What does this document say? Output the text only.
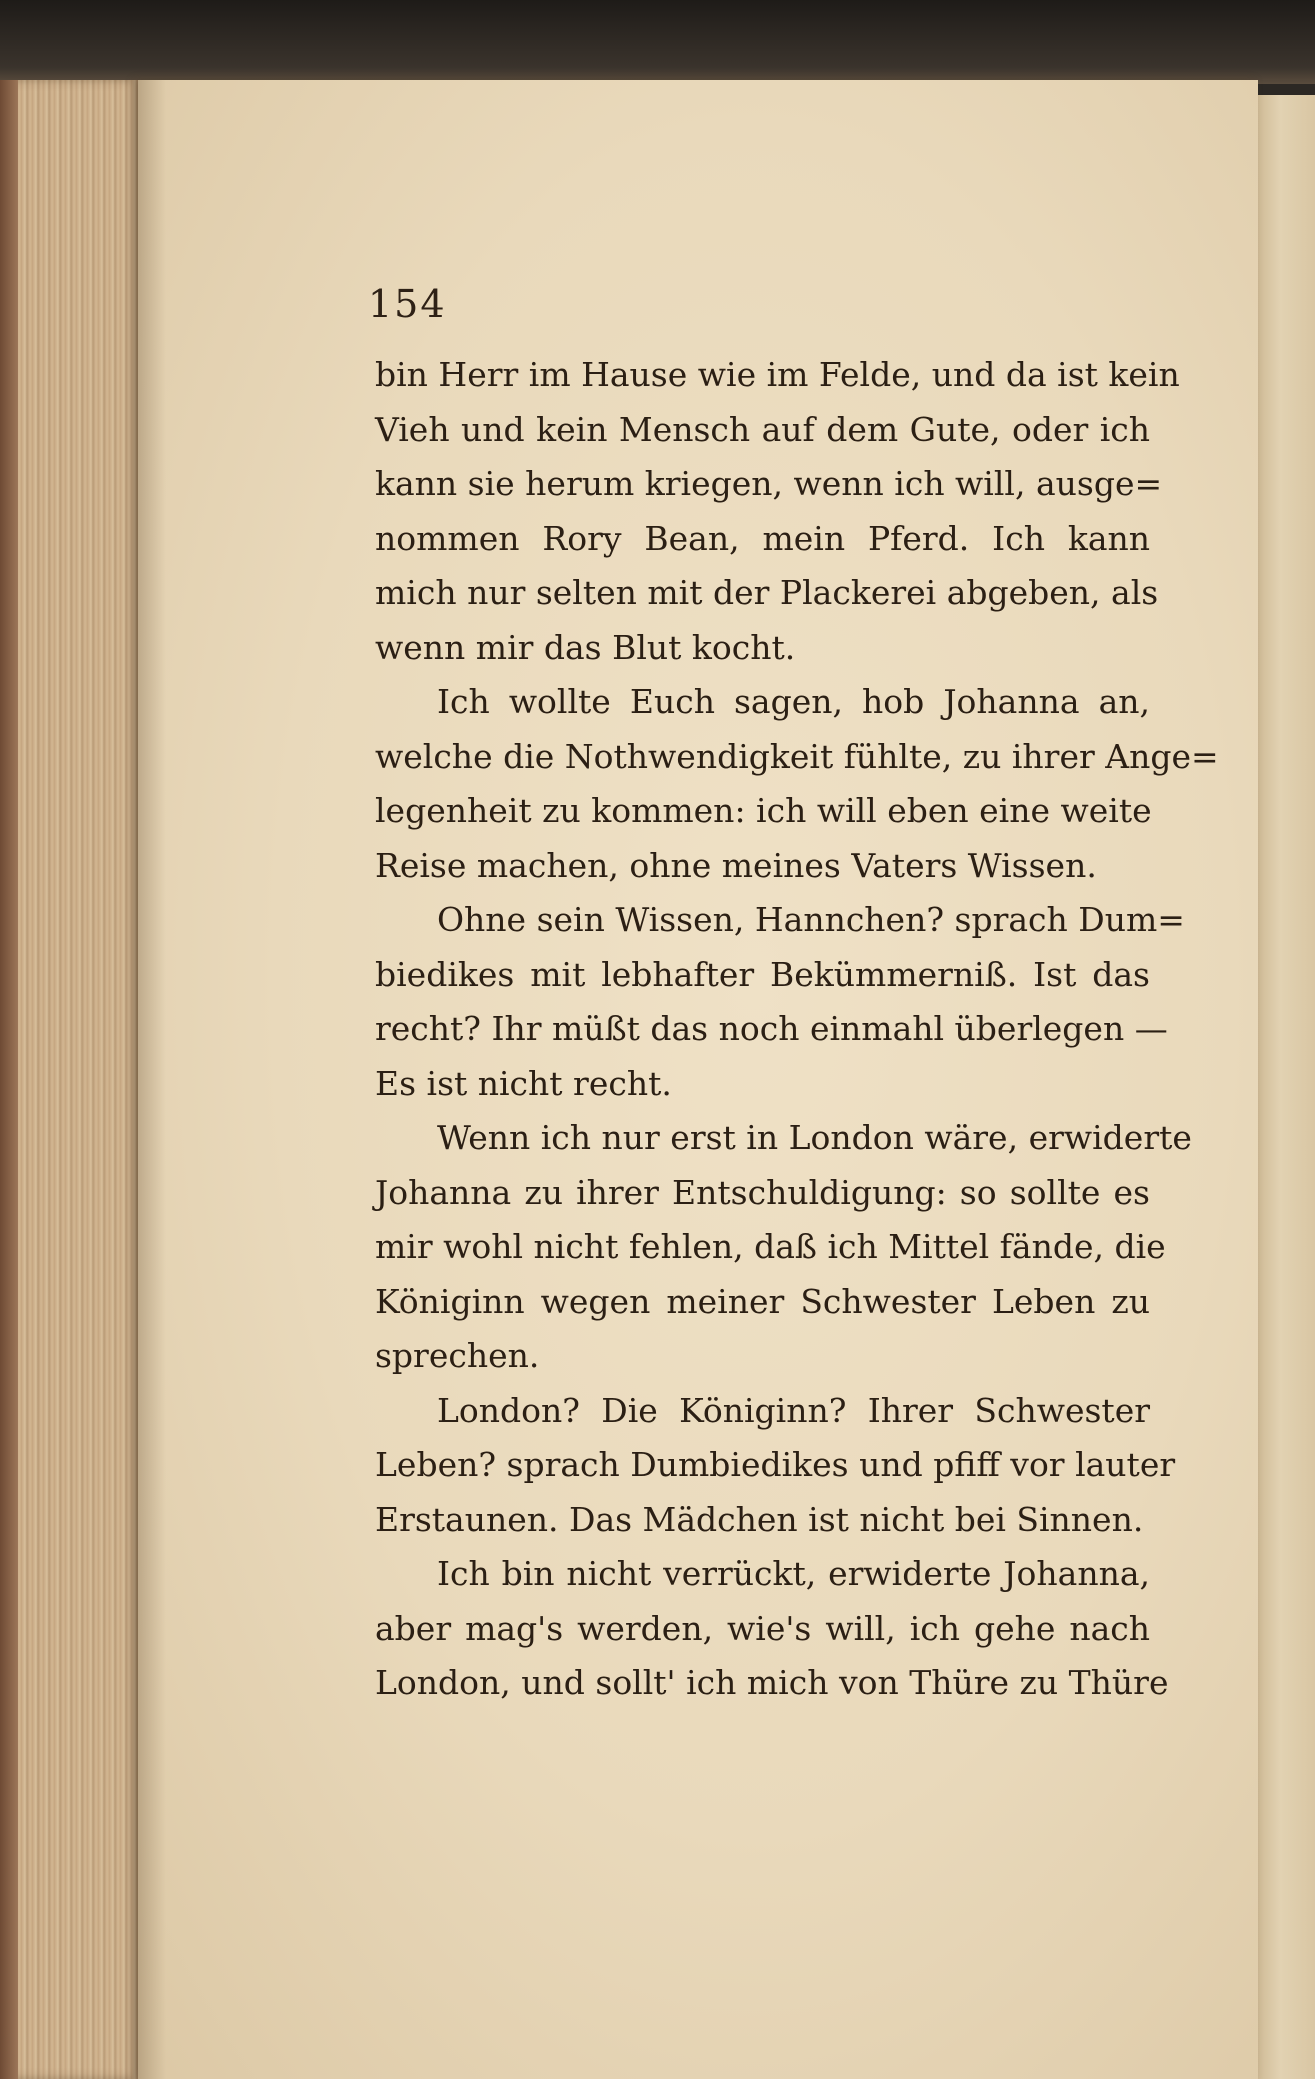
154
bin Herr im Hause wie im Felde, und da ist kein
Vieh und kein Mensch auf dem Gute, oder ich
kann sie herum kriegen, wenn ich will, ausge=
nommen Rory Bean, mein Pferd. Ich kann
mich nur selten mit der Plackerei abgeben, als
wenn mir das Blut kocht.
Ich wollte Euch sagen, hob Johanna an,
welche die Nothwendigkeit fühlte, zu ihrer Ange=
legenheit zu kommen: ich will eben eine weite
Reise machen, ohne meines Vaters Wissen.
Ohne sein Wissen, Hannchen? sprach Dum=
biedikes mit lebhafter Bekümmerniß. Ist das
recht? Ihr müßt das noch einmahl überlegen —
Es ist nicht recht.
Wenn ich nur erst in London wäre, erwiderte
Johanna zu ihrer Entschuldigung: so sollte es
mir wohl nicht fehlen, daß ich Mittel fände, die
Königinn wegen meiner Schwester Leben zu
sprechen.
London? Die Königinn? Ihrer Schwester
Leben? sprach Dumbiedikes und pfiff vor lauter
Erstaunen. Das Mädchen ist nicht bei Sinnen.
Ich bin nicht verrückt, erwiderte Johanna,
aber mag's werden, wie's will, ich gehe nach
London, und sollt' ich mich von Thüre zu Thüre
